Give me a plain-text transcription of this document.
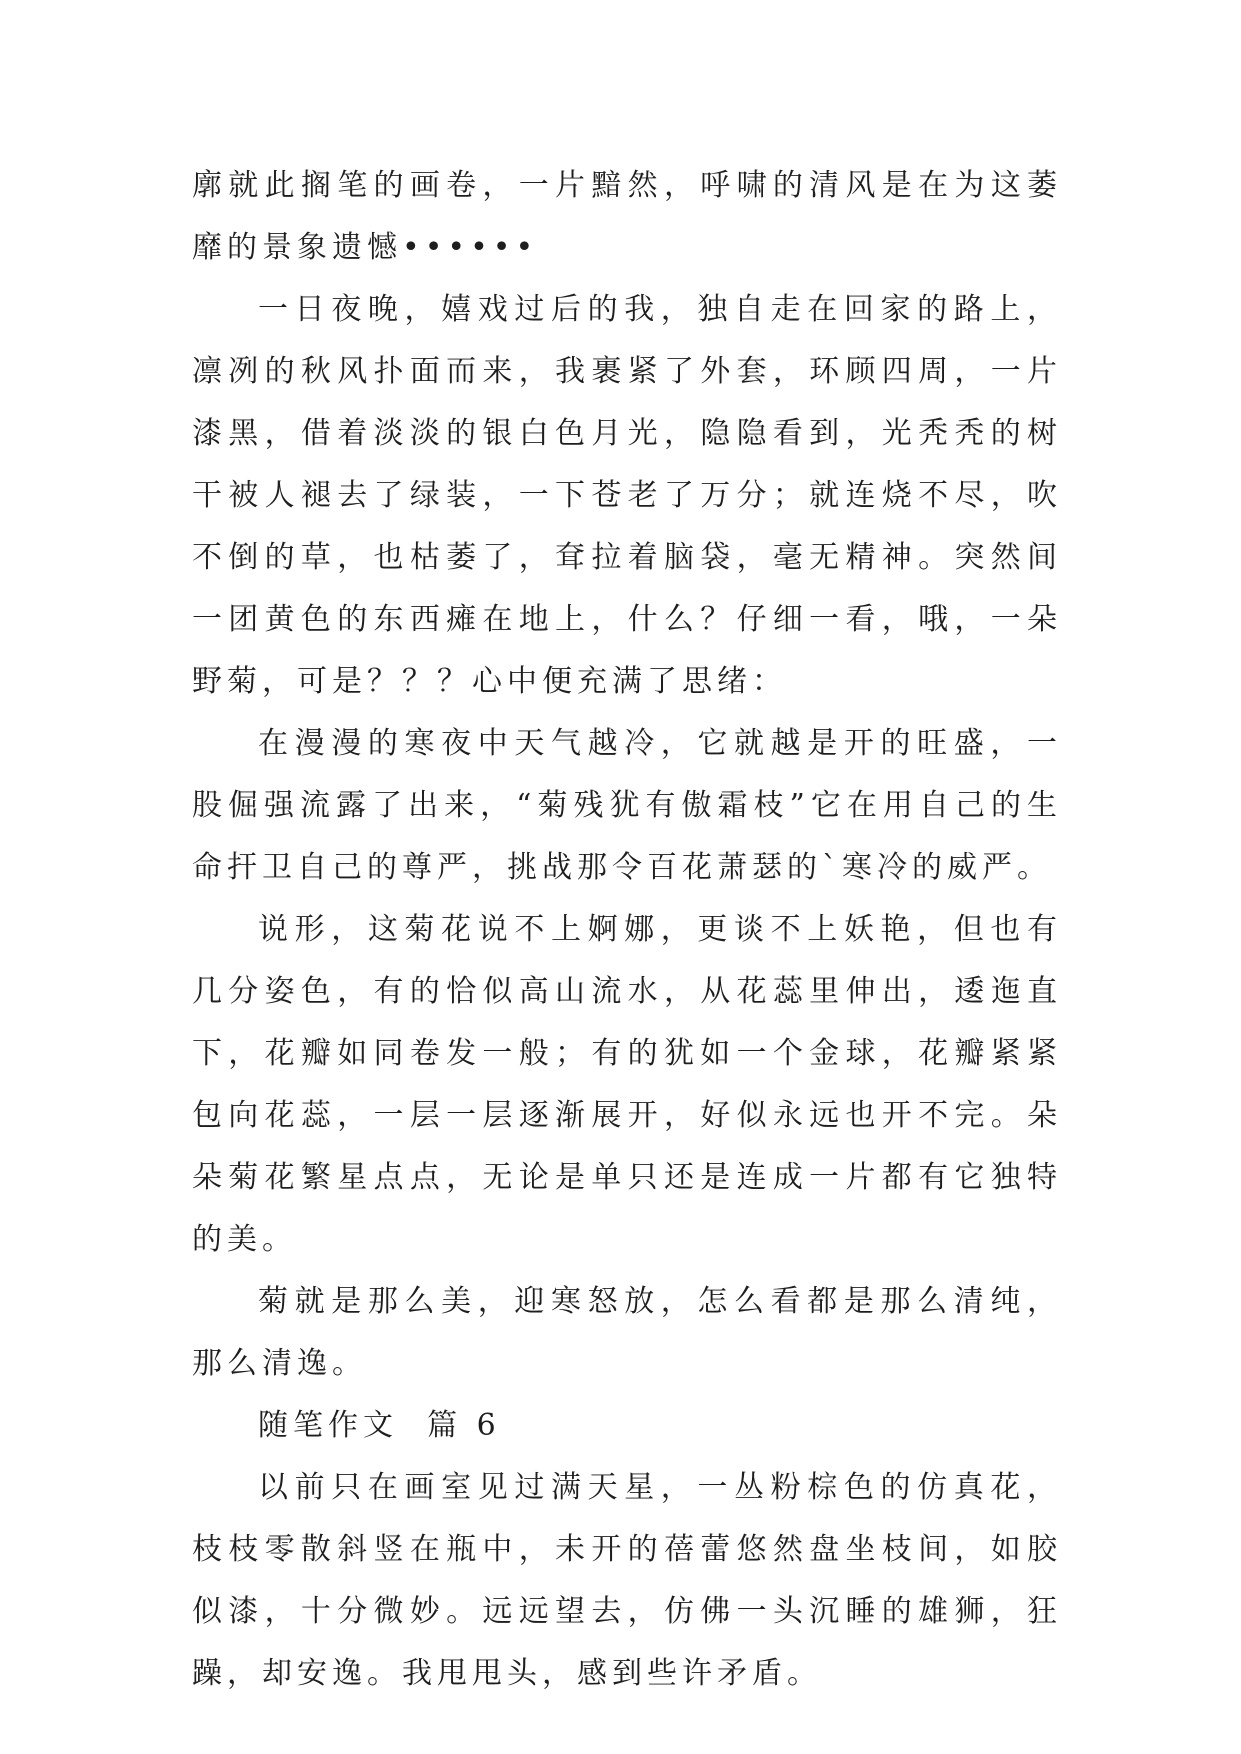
廓就此搁笔的画卷，一片黯然，呼啸的清风是在为这萎靡的景象遗憾••••••

一日夜晚，嬉戏过后的我，独自走在回家的路上，凛冽的秋风扑面而来，我裹紧了外套，环顾四周，一片漆黑，借着淡淡的银白色月光，隐隐看到，光秃秃的树干被人褪去了绿装，一下苍老了万分；就连烧不尽，吹不倒的草，也枯萎了，耷拉着脑袋，毫无精神。突然间一团黄色的东西瘫在地上，什么？仔细一看，哦，一朵野菊，可是？？？心中便充满了思绪：

在漫漫的寒夜中天气越冷，它就越是开的旺盛，一股倔强流露了出来，“菊残犹有傲霜枝”它在用自己的生命扞卫自己的尊严，挑战那令百花萧瑟的`寒冷的威严。

说形，这菊花说不上婀娜，更谈不上妖艳，但也有几分姿色，有的恰似高山流水，从花蕊里伸出，逶迤直下，花瓣如同卷发一般；有的犹如一个金球，花瓣紧紧包向花蕊，一层一层逐渐展开，好似永远也开不完。朵朵菊花繁星点点，无论是单只还是连成一片都有它独特的美。

菊就是那么美，迎寒怒放，怎么看都是那么清纯，那么清逸。

随笔作文  篇 6

以前只在画室见过满天星，一丛粉棕色的仿真花，枝枝零散斜竖在瓶中，未开的蓓蕾悠然盘坐枝间，如胶似漆，十分微妙。远远望去，仿佛一头沉睡的雄狮，狂躁，却安逸。我甩甩头，感到些许矛盾。
